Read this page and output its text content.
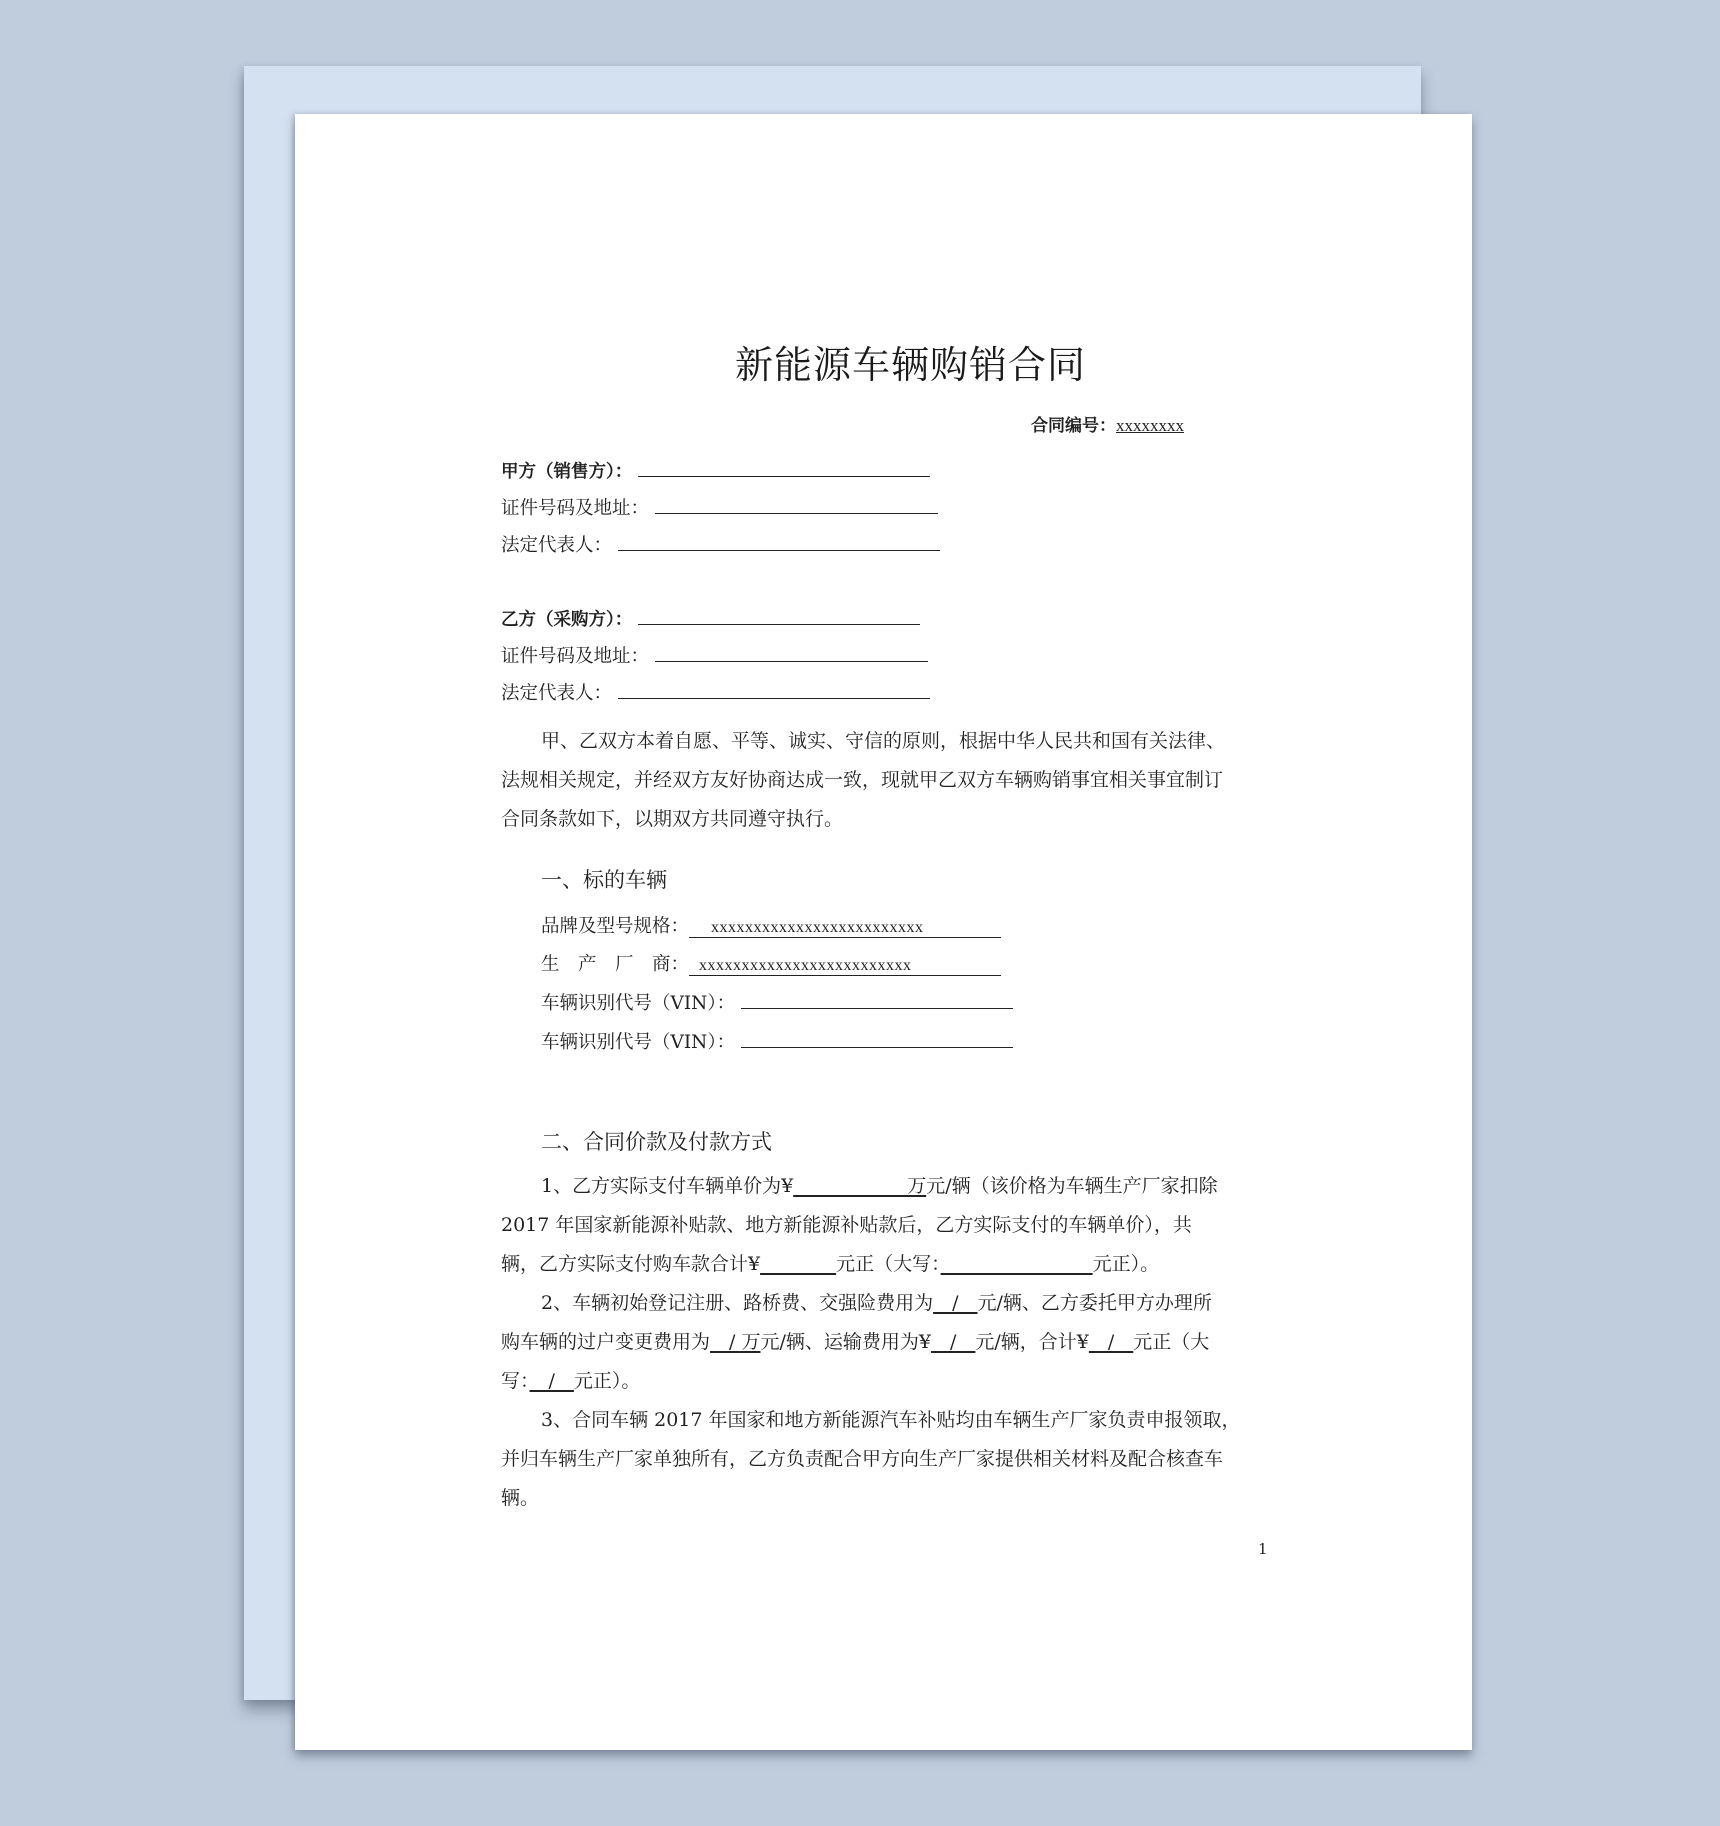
新能源车辆购销合同
合同编号：xxxxxxxx
甲方（销售方）：
证件号码及地址：
法定代表人：
乙方（采购方）：
证件号码及地址：
法定代表人：
甲、乙双方本着自愿、平等、诚实、守信的原则，根据中华人民共和国有关法律、
法规相关规定，并经双方友好协商达成一致，现就甲乙双方车辆购销事宜相关事宜制订
合同条款如下，以期双方共同遵守执行。
一、标的车辆
品牌及型号规格： xxxxxxxxxxxxxxxxxxxxxxxxx
生　产　厂　商： xxxxxxxxxxxxxxxxxxxxxxxxx
车辆识别代号（VIN）：
车辆识别代号（VIN）：
二、合同价款及付款方式
1、乙方实际支付车辆单价为¥　　　　　　万元/辆（该价格为车辆生产厂家扣除
2017 年国家新能源补贴款、地方新能源补贴款后，乙方实际支付的车辆单价），共
辆，乙方实际支付购车款合计¥　　　　	元正（大写：　　　　　　　　	元正）。
2、车辆初始登记注册、路桥费、交强险费用为　/　元/辆、乙方委托甲方办理所
购车辆的过户变更费用为　/ 万元/辆、运输费用为¥　/　元/辆，合计¥　/　元正（大
写：　/　元正）。
3、合同车辆 2017 年国家和地方新能源汽车补贴均由车辆生产厂家负责申报领取，
并归车辆生产厂家单独所有，乙方负责配合甲方向生产厂家提供相关材料及配合核查车
辆。
1
